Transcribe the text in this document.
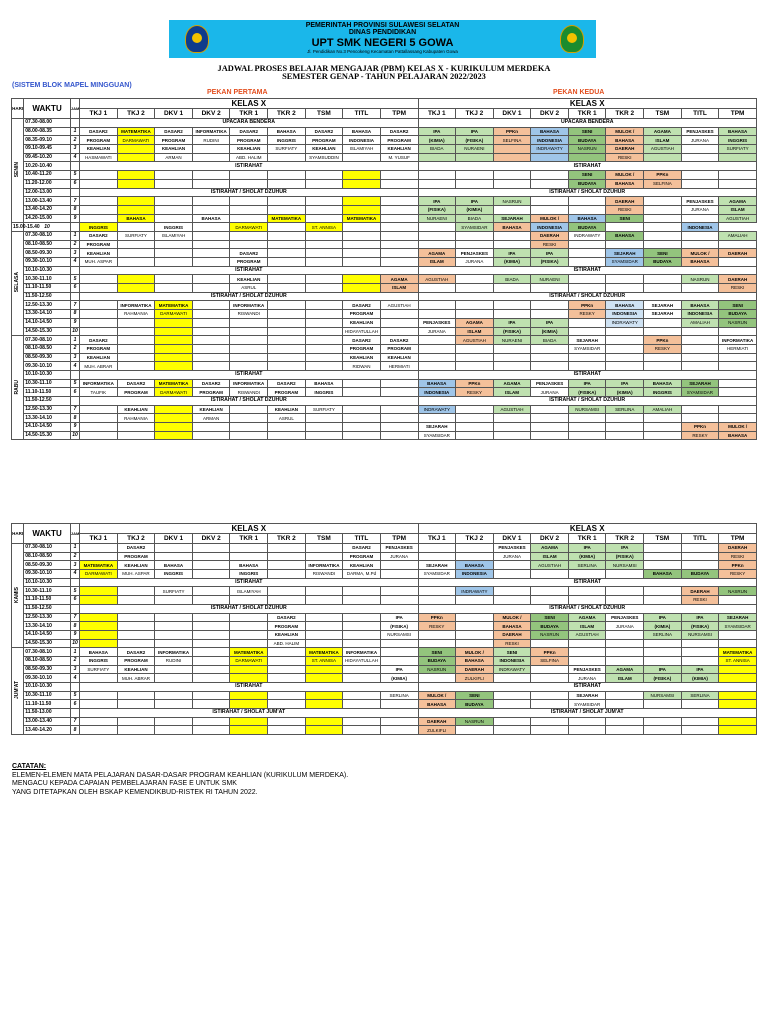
PEMERINTAH PROVINSI SULAWESI SELATAN
DINAS PENDIDIKAN
UPT SMK NEGERI 5 GOWA
Jl. Pendidikan No.3 Pencokeng Kecamatan Pattallassang Kabupaten Gowa
JADWAL PROSES BELAJAR MENGAJAR (PBM) KELAS X - KURIKULUM MERDEKA
SEMESTER GENAP - TAHUN PELAJARAN 2022/2023
(SISTEM BLOK MAPEL MINGGUAN)
PEKAN PERTAMA	PEKAN KEDUA
HARI	WAKTU	JAM	KELAS X									KELAS X								
			TKJ 1	TKJ 2	DKV 1	DKV 2	TKR 1	TKR 2	TSM	TITL	TPM	TKJ 1	TKJ 2	DKV 1	DKV 2	TKR 1	TKR 2	TSM	TITL	TPM
SENIN	07.30-08.00		UPACARA BENDERA									UPACARA BENDERA								
	08.00-08.35	1	DASAR2	MATEMATIKA	DASAR2	INFORMATIKA	DASAR2	BAHASA	DASAR2	BAHASA	DASAR2	IPA	IPA	PPKn	BAHASA	SENI	MULOK /	AGAMA	PENJASKES	BAHASA
	08.35-09.10	2	PROGRAM	DARMAWATI	PROGRAM	RUDINI	PROGRAM	INGGRIS	PROGRAM	INDONESIA	PROGRAM	(KIMIA)	(FISIKA)	SELFINA	INDONESIA	BUDAYA	BAHASA	ISLAM	JURANA	INGGRIS
	09.10-09.45	3	KEAHLIAN		KEAHLIAN		KEAHLIAN	SURFIATY	KEAHLIAN	ISLAMIYAH	KEAHLIAN	BIADA	NURAENI		INDRAWATY	NASRUN	DAERAH	AGUSTIAH		SURFIATY
	09.45-10.20	4	HASMAWATI		ARMAN		ABD. HALIM		SYAMSUDDIN		M. YUSUF						RESKI			
	10.20-10.40		ISTIRAHAT									ISTIRAHAT								
	10.40-11.20	5														SENI	MULOK /	PPKn		
	11.20-12.00	6														BUDAYA	BAHASA	SELFINA		
	12.00-13.00		ISTIRAHAT / SHOLAT DZUHUR									ISTIRAHAT / SHOLAT DZUHUR								
	13.00-13.40	7										IPA	IPA	NASRUN			DAERAH		PENJASKES	AGAMA
	13.40-14.20	8										(FISIKA)	(KIMIA)				RESKI		JURANA	ISLAM
	14.20-15.00	9		BAHASA		BAHASA		MATEMATIKA		MATEMATIKA		NURAENI	BIADA	SEJARAH	MULOK /	BAHASA	SENI			AGUSTIAH
15.00-15.40	10		INGGRIS		INGGRIS		DARMAWATI		ST. ANNISA				SYAMSIDAR	BAHASA	INDONESIA	BUDAYA			INDONESIA	
SELASA	07.30-08.10	1	DASAR2	SURFIATY	ISLAMIYAH										DAERAH	INDRAWATY	BAHASA			AMALIAH
	08.10-08.50	2	PROGRAM												RESKI					
	08.50-09.30	3	KEAHLIAN				DASAR2					AGAMA	PENJASKES	IPA	IPA		SEJARAH	SENI	MULOK /	DAERAH
	09.30-10.10	4	MUH. ASPAR				PROGRAM					ISLAM	JURANA	(KIMIA)	(FISIKA)		SYAMSIDAR	BUDAYA	BAHASA	
	10.10-10.30		ISTIRAHAT									ISTIRAHAT								
	10.30-11.10	5					KEAHLIAN				AGAMA	AGUSTIAH		BIADA	NURAENI				NASRUN	DAERAH
	11.10-11.50	6					ASRUL				ISLAM									RESKI
	11.50-12.50		ISTIRAHAT / SHOLAT DZUHUR									ISTIRAHAT / SHOLAT DZUHUR								
	12.50-13.30	7		INFORMATIKA	MATEMATIKA		INFORMATIKA			DASAR2	AGUSTIAH					PPKn	BAHASA	SEJARAH	BAHASA	SENI
	13.30-14.10	8		RAHMANIA	DARMAWATI		RISWANDI			PROGRAM						RESKY	INDONESIA	SEJARAH	INDONESIA	BUDAYA
	14.10-14.50	9								KEAHLIAN		PENJASKES	AGAMA	IPA	IPA		INDRAWATY		AMALIAH	NASRUN
	14.50-15.30	10								HIDAYATULLAH		JURANA	ISLAM	(FISIKA)	(KIMIA)					
RABU	07.30-08.10	1	DASAR2							DASAR2	DASAR2		AGUSTIAH	NURAENI	BIADA	SEJARAH		PPKn		INFORMATIKA
	08.10-08.50	2	PROGRAM							PROGRAM	PROGRAM					SYAMSIDAR		RESKY		HERMIATI
	08.50-09.30	3	KEAHLIAN							KEAHLIAN	KEAHLIAN									
	09.30-10.10	4	MUH. ABRAR							RIDWAN	HERMIATI									
	10.10-10.30		ISTIRAHAT									ISTIRAHAT								
	10.30-11.10	5	INFORMATIKA	DASAR2	MATEMATIKA	DASAR2	INFORMATIKA	DASAR2	BAHASA			BAHASA	PPKn	AGAMA	PENJASKES	IPA	IPA	BAHASA	SEJARAH	
	11.10-11.50	6	TAUFIK	PROGRAM	DARMAWATI	PROGRAM	RISWANDI	PROGRAM	INGGRIS			INDONESIA	RESKY	ISLAM	JURANA	(FISIKA)	(KIMIA)	INGGRIS	SYAMSIDAR	
	11.50-12.50		ISTIRAHAT / SHOLAT DZUHUR									ISTIRAHAT / SHOLAT DZUHUR								
	12.50-13.30	7		KEAHLIAN		KEAHLIAN		KEAHLIAN	SURFIATY			INDRAWATY		AGUSTIAH		NURSAMSI	SERLINA	AMALIAH		
	13.30-14.10	8		RAHMANIA		ARMAN		ASRUL												
	14.10-14.50	9										SEJARAH							PPKn	MULOK /
	14.50-15.30	10										SYAMSIDAR							RESKY	BAHASA
HARI	WAKTU	JAM	KELAS X									KELAS X								
			TKJ 1	TKJ 2	DKV 1	DKV 2	TKR 1	TKR 2	TSM	TITL	TPM	TKJ 1	TKJ 2	DKV 1	DKV 2	TKR 1	TKR 2	TSM	TITL	TPM
KAMIS	07.30-08.10	1		DASAR2						DASAR2	PENJASKES			PENJASKES	AGAMA	IPA	IPA			DAERAH
	08.10-08.50	2		PROGRAM						PROGRAM	JURANA			JURANA	ISLAM	(KIMIA)	(FISIKA)			RESKI
	08.50-09.30	3	MATEMATIKA	KEAHLIAN	BAHASA		BAHASA		INFORMATIKA	KEAHLIAN		SEJARAH	BAHASA		AGUSTIAH	SERLINA	NURSAMSI			PPKn
	09.30-10.10	4	DARMAWATI	MUH. ASPAR	INGGRIS		INGGRIS		RISWANDI	DARMA, M.Pd		SYAMSIDAR	INDONESIA					BAHASA	BUDAYA	RESKY
	10.10-10.30		ISTIRAHAT									ISTIRAHAT								
	10.30-11.10	5			SURFIATY		ISLAMIYAH						INDRAWATY						DAERAH	NASRUN
	11.10-11.50	6																	RESKI	
	11.50-12.50		ISTIRAHAT / SHOLAT DZUHUR									ISTIRAHAT / SHOLAT DZUHUR								
	12.50-13.30	7						DASAR2			IPA	PPKn		MULOK /	SENI	AGAMA	PENJASKES	IPA	IPA	SEJARAH
	13.30-14.10	8						PROGRAM			(FISIKA)	RESKY		BAHASA	BUDAYA	ISLAM	JURANA	(KIMIA)	(FISIKA)	SYAMSIDAR
	14.10-14.50	9						KEAHLIAN			NURSAMSI			DAERAH	NASRUN	AGUSTIAH		SERLINA	NURSAMSI	
	14.50-15.30	10						ABD. HALIM						RESKI						
JUM'AT	07.30-08.10	1	BAHASA	DASAR2	INFORMATIKA		MATEMATIKA		MATEMATIKA	INFORMATIKA		SENI	MULOK /	SENI	PPKn					MATEMATIKA
	08.10-08.50	2	INGGRIS	PROGRAM	RUDINI		DARMAWATI		ST. ANNISA	HIDAYATULLAH		BUDAYA	BAHASA	INDONESIA	SELFINA					ST. ANNISA
	08.50-09.30	3	SURFIATY	KEAHLIAN							IPA	NASRUN	DAERAH	INDRAWATY		PENJASKES	AGAMA	IPA	IPA	
	09.30-10.10	4		MUH. ABRAR							(KIMIA)		ZULKIFLI			JURANA	ISLAM	(FISIKA)	(KIMIA)	
	10.10-10.30		ISTIRAHAT									ISTIRAHAT								
	10.30-11.10	5									SERLINA	MULOK /	SENI			SEJARAH		NURSAMSI	SERLINA	
	11.10-11.50	6										BAHASA	BUDAYA			SYAMSIDAR				
	11.50-13.00		ISTIRAHAT / SHOLAT JUM'AT									ISTIRAHAT / SHOLAT JUM'AT								
	13.00-13.40	7										DAERAH	NASRUN							
	13.40-14.20	8										ZULKIFLI								
CATATAN:
ELEMEN-ELEMEN MATA PELAJARAN DASAR-DASAR PROGRAM KEAHLIAN (KURIKULUM MERDEKA).
MENGACU KEPADA CAPAIAN PEMBELAJARAN FASE E UNTUK SMK
YANG DITETAPKAN OLEH BSKAP KEMENDIKBUD-RISTEK RI TAHUN 2022.
